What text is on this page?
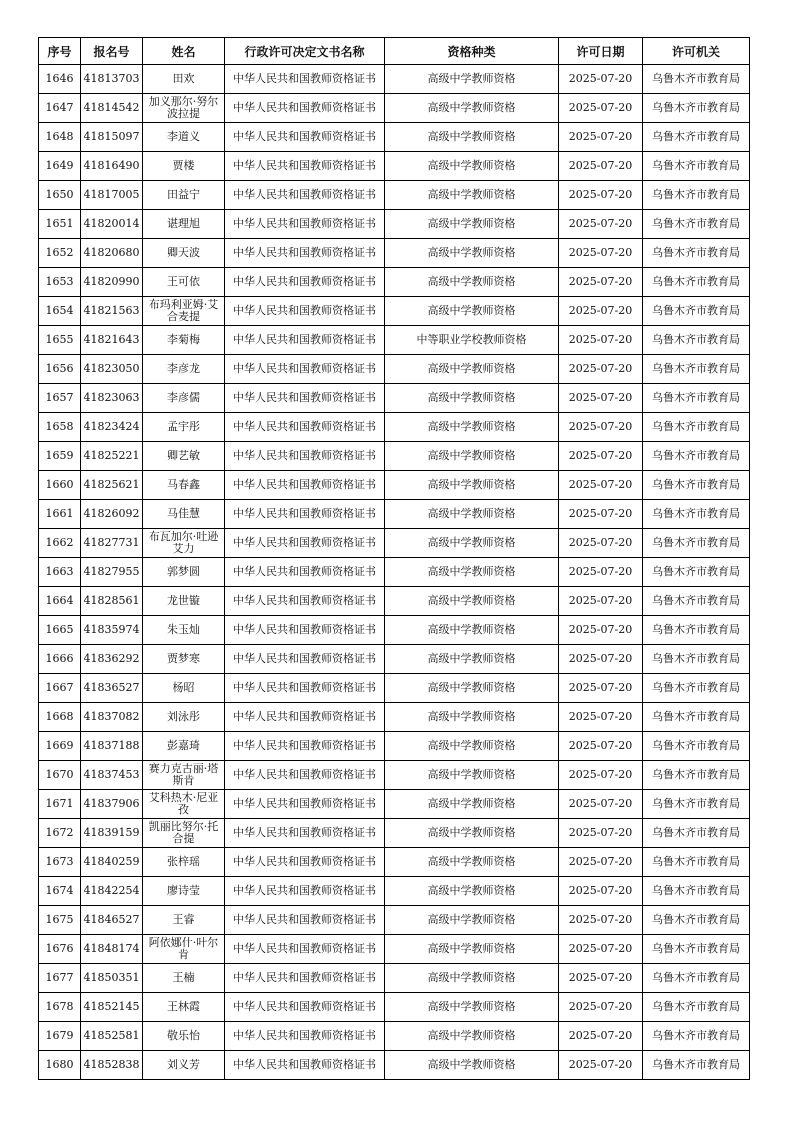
序号	报名号	姓名	行政许可决定文书名称	资格种类	许可日期	许可机关
1646	41813703	田欢	中华人民共和国教师资格证书	高级中学教师资格	2025-07-20	乌鲁木齐市教育局
1647	41814542	加义那尔·努尔波拉提	中华人民共和国教师资格证书	高级中学教师资格	2025-07-20	乌鲁木齐市教育局
1648	41815097	李道义	中华人民共和国教师资格证书	高级中学教师资格	2025-07-20	乌鲁木齐市教育局
1649	41816490	贾楼	中华人民共和国教师资格证书	高级中学教师资格	2025-07-20	乌鲁木齐市教育局
1650	41817005	田益宁	中华人民共和国教师资格证书	高级中学教师资格	2025-07-20	乌鲁木齐市教育局
1651	41820014	谌理旭	中华人民共和国教师资格证书	高级中学教师资格	2025-07-20	乌鲁木齐市教育局
1652	41820680	卿天波	中华人民共和国教师资格证书	高级中学教师资格	2025-07-20	乌鲁木齐市教育局
1653	41820990	王可依	中华人民共和国教师资格证书	高级中学教师资格	2025-07-20	乌鲁木齐市教育局
1654	41821563	布玛利亚姆·艾合麦提	中华人民共和国教师资格证书	高级中学教师资格	2025-07-20	乌鲁木齐市教育局
1655	41821643	李菊梅	中华人民共和国教师资格证书	中等职业学校教师资格	2025-07-20	乌鲁木齐市教育局
1656	41823050	李彦龙	中华人民共和国教师资格证书	高级中学教师资格	2025-07-20	乌鲁木齐市教育局
1657	41823063	李彦儒	中华人民共和国教师资格证书	高级中学教师资格	2025-07-20	乌鲁木齐市教育局
1658	41823424	孟宇彤	中华人民共和国教师资格证书	高级中学教师资格	2025-07-20	乌鲁木齐市教育局
1659	41825221	卿艺敏	中华人民共和国教师资格证书	高级中学教师资格	2025-07-20	乌鲁木齐市教育局
1660	41825621	马春鑫	中华人民共和国教师资格证书	高级中学教师资格	2025-07-20	乌鲁木齐市教育局
1661	41826092	马佳慧	中华人民共和国教师资格证书	高级中学教师资格	2025-07-20	乌鲁木齐市教育局
1662	41827731	布瓦加尔·吐逊艾力	中华人民共和国教师资格证书	高级中学教师资格	2025-07-20	乌鲁木齐市教育局
1663	41827955	郭梦圆	中华人民共和国教师资格证书	高级中学教师资格	2025-07-20	乌鲁木齐市教育局
1664	41828561	龙世镟	中华人民共和国教师资格证书	高级中学教师资格	2025-07-20	乌鲁木齐市教育局
1665	41835974	朱玉灿	中华人民共和国教师资格证书	高级中学教师资格	2025-07-20	乌鲁木齐市教育局
1666	41836292	贾梦寒	中华人民共和国教师资格证书	高级中学教师资格	2025-07-20	乌鲁木齐市教育局
1667	41836527	杨昭	中华人民共和国教师资格证书	高级中学教师资格	2025-07-20	乌鲁木齐市教育局
1668	41837082	刘泳彤	中华人民共和国教师资格证书	高级中学教师资格	2025-07-20	乌鲁木齐市教育局
1669	41837188	彭嘉琦	中华人民共和国教师资格证书	高级中学教师资格	2025-07-20	乌鲁木齐市教育局
1670	41837453	赛力克古丽·塔斯肯	中华人民共和国教师资格证书	高级中学教师资格	2025-07-20	乌鲁木齐市教育局
1671	41837906	艾科热木·尼亚孜	中华人民共和国教师资格证书	高级中学教师资格	2025-07-20	乌鲁木齐市教育局
1672	41839159	凯丽比努尔·托合提	中华人民共和国教师资格证书	高级中学教师资格	2025-07-20	乌鲁木齐市教育局
1673	41840259	张梓瑶	中华人民共和国教师资格证书	高级中学教师资格	2025-07-20	乌鲁木齐市教育局
1674	41842254	廖诗莹	中华人民共和国教师资格证书	高级中学教师资格	2025-07-20	乌鲁木齐市教育局
1675	41846527	王睿	中华人民共和国教师资格证书	高级中学教师资格	2025-07-20	乌鲁木齐市教育局
1676	41848174	阿依娜什·叶尔肯	中华人民共和国教师资格证书	高级中学教师资格	2025-07-20	乌鲁木齐市教育局
1677	41850351	王楠	中华人民共和国教师资格证书	高级中学教师资格	2025-07-20	乌鲁木齐市教育局
1678	41852145	王林霞	中华人民共和国教师资格证书	高级中学教师资格	2025-07-20	乌鲁木齐市教育局
1679	41852581	敬乐怡	中华人民共和国教师资格证书	高级中学教师资格	2025-07-20	乌鲁木齐市教育局
1680	41852838	刘义芳	中华人民共和国教师资格证书	高级中学教师资格	2025-07-20	乌鲁木齐市教育局
